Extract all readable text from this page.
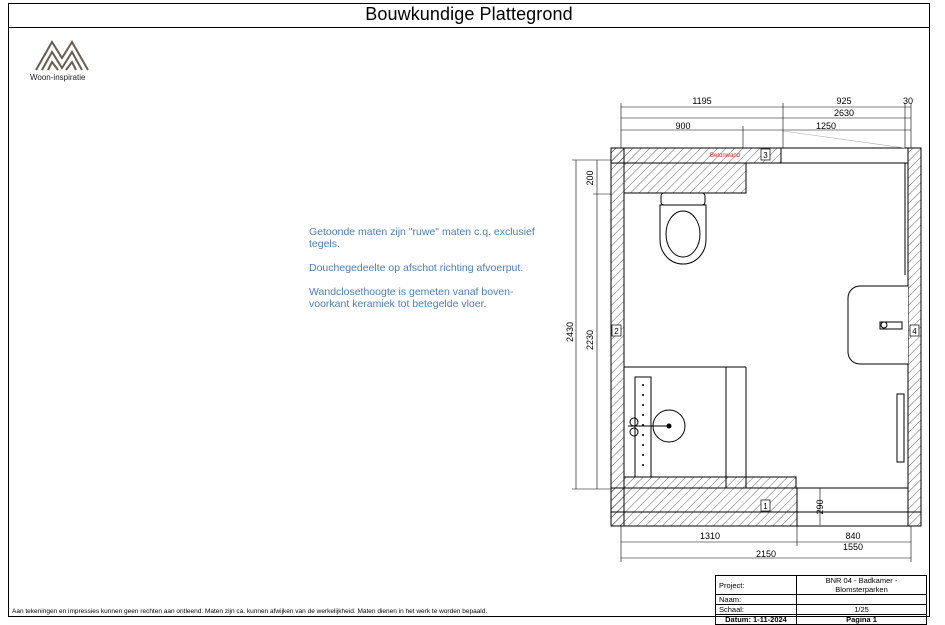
Bouwkundige Plattegrond
Woon-inspiratie

Getoonde maten zijn "ruwe" maten c.q. exclusief tegels.

Douchegedeelte op afschot richting afvoerput.

Wandclosethoogte is gemeten vanaf boven-voorkant keramiek tot betegelde vloer.

1195	925	30
2630
900	1250
1310	840
1550
2150
2430 2230
200
290
Betonwand	3
2	4
1
Project:	BNR 04 - Badkamer - Blomsterparken
Naam:	
Schaal:	1/25
Datum: 1-11-2024	Pagina 1
Aan tekeningen en impressies kunnen geen rechten aan ontleend. Maten zijn ca. kunnen afwijken van de werkelijkheid. Maten dienen in het werk te worden bepaald.
